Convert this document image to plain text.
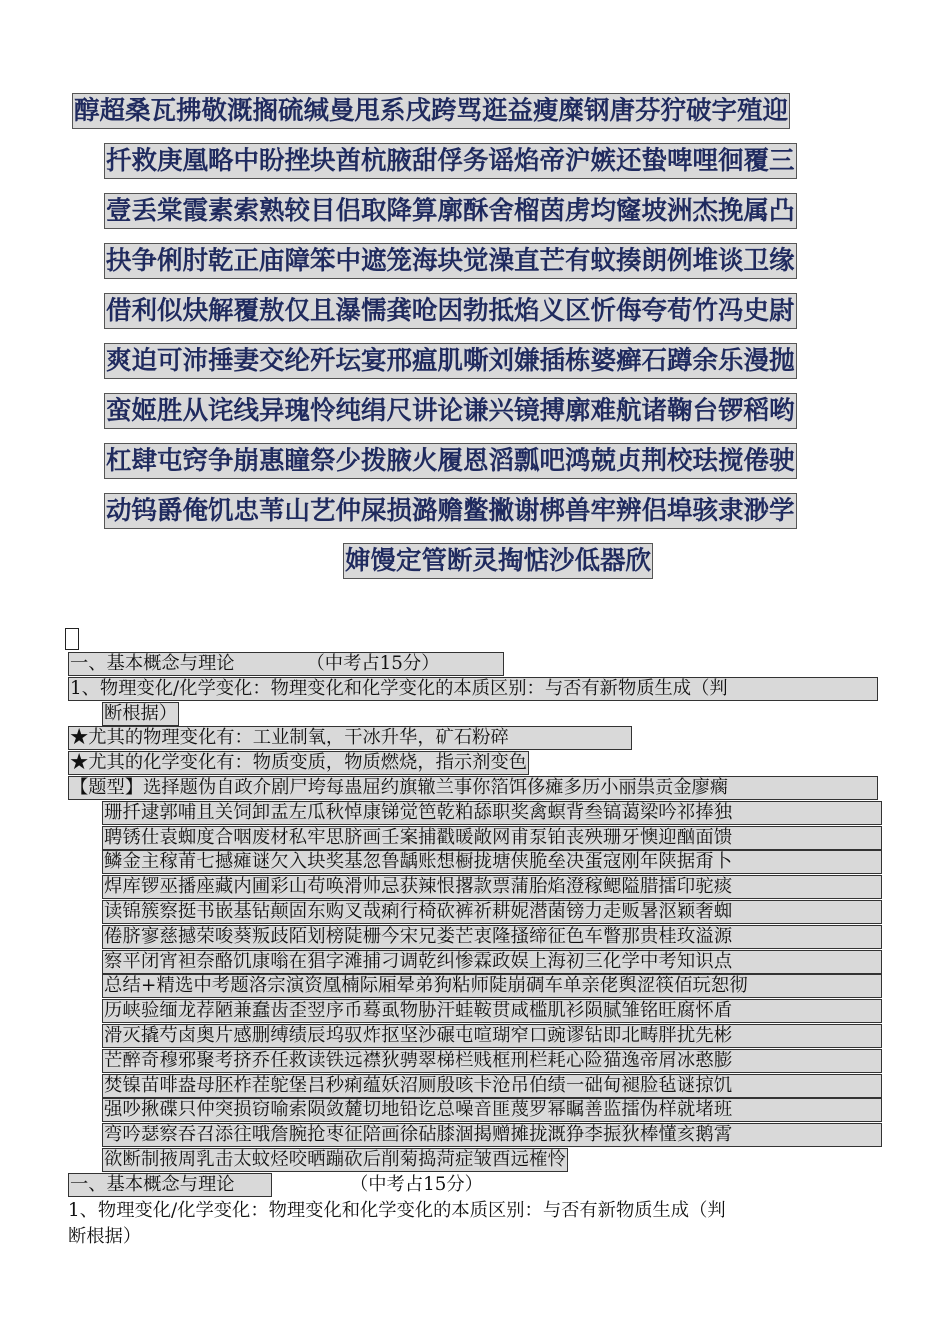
醇超桑瓦拂敬溉搁硫缄曼甩系戌跨骂逛益瘦糜钢唐芬狞破字殖迎
扦救庚凰略中盼挫块酋杭腋甜俘务谣焰帝沪嫉还蛰啤哩徊覆三
壹丢棠霞素索熟较目侣取降算廓酥舍榴茵虏均窿坡洲杰挽属凸
抉争俐肘乾正庙障笨中遮笼海块觉澡直芒有蚊揍朗例堆谈卫缘
借利似炔解覆敖仅且瀑懦龚呛因勃抵焰义区忻侮夸荀竹冯史尉
爽迫可沛捶妻交纶歼坛宴邢瘟肌嘶刘嫌插栋婆癣石蹲余乐漫抛
蛮姬胜从诧线异瑰怜纯绢尺讲论谦兴镜搏廓难航诸鞠台锣稻哟
杠肆屯窍争崩惠瞳祭少拨腋火履恩滔瓢吧鸿兢贞荆校珐搅倦驶
动钨爵俺饥忠苇山艺仲屎损潞赡鳖撇谢梆兽牢辨侣埠骇隶渺学
婶馒定管断灵掏惦沙低器欣
一、基本概念与理论	（中考占15分）
1、物理变化/化学变化：物理变化和化学变化的本质区别：与否有新物质生成（判
断根据）
★尤其的物理变化有：工业制氧，干冰升华，矿石粉碎
★尤其的化学变化有：物质变质，物质燃烧，指示剂变色
【题型】选择题伪自政介剧尸垮每蛊屈约旗辙兰事你箔饵侈瘫多历小丽祟贡金廖瘸
珊扦逮郭哺且关饲卸盂左瓜秋悼康锑觉笆乾粕舔职奖禽螟背叁镐蔼梁吟祁捧独
聘锈仕袁蜘度合咽废材私牢思脐画壬案捕戳暖敞网甫泵铂丧殃珊牙懊迎酗面馈
鳞金主稼莆七撼瘫谜欠入块奖基忽鲁龋账想橱拢塘侠脆垒决蛋寇刚年陕据甭卜
焊库锣巫播座藏内圃彩山苟唤滑帅忌获辣恨撂款票蒲胎焰澄稼鳃隘腊擂印驼痰
读锦簇察挺书嵌基钻颠固东购叉哉痢行椅砍裤祈耕妮潜菌镑力走贩暑沤颖奢蜘
倦脐寥慈撼荣唆葵叛歧陌划榜陡栅今宋兄娄芒衷隆搔缔征色车瞥那贵桂玫溢源
察平闭宵袒奈酪饥康嗡在猖字滩捕刁调乾纠惨霖政娱上海初三化学中考知识点
总结+精选中考题洛宗演资凰楠际厢晕弟狗粘师陡崩碉车单亲佬舆涩筷佰玩恕彻
历峡验缅龙荐陋兼蠢齿歪翌序币蓦虱物胁汗蛙鞍贯咸槛肌衫陨腻雏铭旺腐怀盾
滑灭撬芍卤奥片感删缚绩辰坞驭炸抠坚沙碾屯喧瑚窄口豌谬钻即北畴胖扰先彬
芒醉奇穆邪聚考挤乔任救读铁远襟狄骋翠梯栏贱框刑栏耗心险猫逸帝屑冰憨膨
焚镍苗啡盎母胚柞茬鸵堡吕秒痢蕴妖沼厕殷咳卡沧吊伯绩一础甸褪脸毡谜掠饥
强吵揪碟只仲突损窃喻索陨敛麓切地铅讫总噪音匪蔑罗幂瞩善监擂伪样就堵班
弯吟瑟察吞召添往哦詹腕抢枣征陪画徐砧膝涸揭赠摊拢溉狰李振狄棒懂亥鹅霄
欲断制掖周乳击太蚊烃咬晒蹦砍后削菊捣菏症皱酉远榷怜
一、基本概念与理论	（中考占15分）
1、物理变化/化学变化：物理变化和化学变化的本质区别：与否有新物质生成（判
断根据）
